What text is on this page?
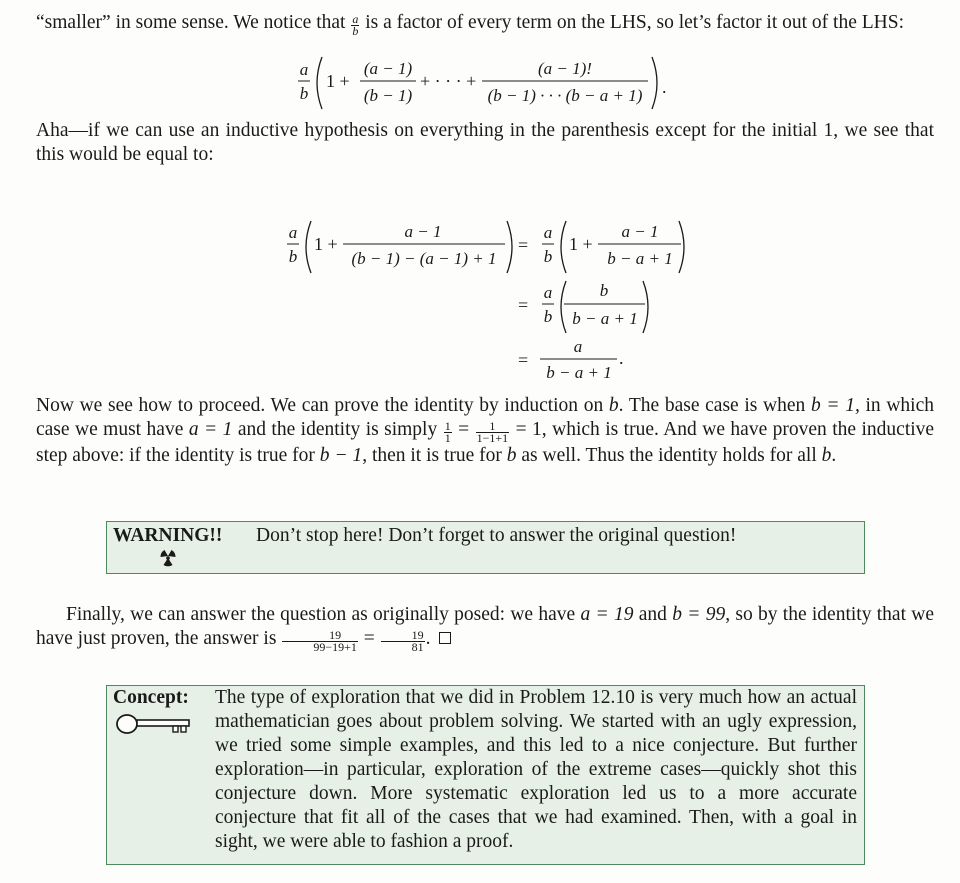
“smaller” in some sense. We notice that $\frac{a}{b}$ is a factor of every term on the LHS, so let’s factor it out of the LHS:

a
b
1 +
(a − 1)
(b − 1)
+ · · · +
(a − 1)!
(b − 1) · · · (b − a + 1) .

Aha—if we can use an inductive hypothesis on everything in the parenthesis except for the initial 1, we see that this would be equal to:

a
b
1 +
a − 1
(b − 1) − (a − 1) + 1
=
a
b
1 +
a − 1
b − a + 1
=
a
b
b
b − a + 1
=
a
b − a + 1
.

Now we see how to proceed. We can prove the identity by induction on b. The base case is when b = 1, in which case we must have a = 1 and the identity is simply $\frac{1}{1} = \frac{1}{1-1+1} = 1$, which is true. And we have proven the inductive step above: if the identity is true for b − 1, then it is true for b as well. Thus the identity holds for all b.

WARNING!! Don’t stop here! Don’t forget to answer the original question!

Finally, we can answer the question as originally posed: we have a = 19 and b = 99, so by the identity that we have just proven, the answer is $\frac{19}{99-19+1} = \frac{19}{81}$ .

Concept: The type of exploration that we did in Problem 12.10 is very much how an actual mathematician goes about problem solving. We started with an ugly expression, we tried some simple examples, and this led to a nice conjecture. But further exploration—in particular, exploration of the extreme cases—quickly shot this conjecture down. More systematic exploration led us to a more accurate conjecture that fit all of the cases that we had examined. Then, with a goal in sight, we were able to fashion a proof.
